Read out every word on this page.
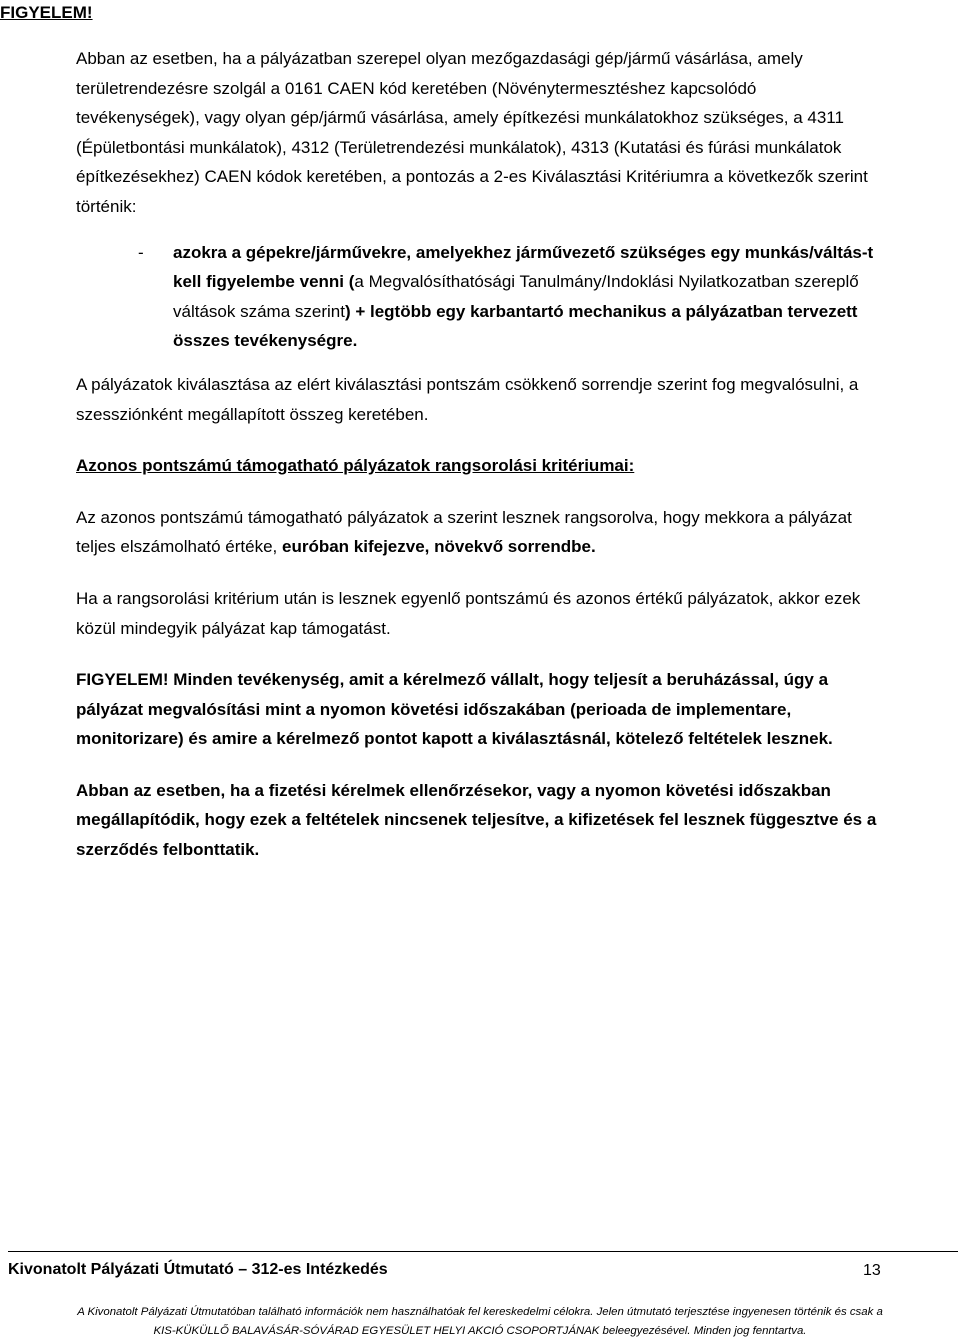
FIGYELEM!

Abban az esetben, ha a pályázatban szerepel olyan mezőgazdasági gép/jármű vásárlása, amely területrendezésre szolgál a 0161 CAEN kód keretében (Növénytermesztéshez kapcsolódó tevékenységek), vagy olyan gép/jármű vásárlása, amely építkezési munkálatokhoz szükséges, a 4311 (Épületbontási munkálatok), 4312 (Területrendezési munkálatok), 4313 (Kutatási és fúrási munkálatok építkezésekhez) CAEN kódok keretében, a pontozás a 2-es Kiválasztási Kritériumra a következők szerint történik:

-	azokra a gépekre/járművekre, amelyekhez járművezető szükséges egy munkás/váltás-t kell figyelembe venni (a Megvalósíthatósági Tanulmány/Indoklási Nyilatkozatban szereplő váltások száma szerint) + legtöbb egy karbantartó mechanikus a pályázatban tervezett összes tevékenységre.

A pályázatok kiválasztása az elért kiválasztási pontszám csökkenő sorrendje szerint fog megvalósulni, a szessziónként megállapított összeg keretében.

Azonos pontszámú támogatható pályázatok rangsorolási kritériumai:

Az azonos pontszámú támogatható pályázatok a szerint lesznek rangsorolva, hogy mekkora a pályázat teljes elszámolható értéke, euróban kifejezve, növekvő sorrendbe.

Ha a rangsorolási kritérium után is lesznek egyenlő pontszámú és azonos értékű pályázatok, akkor ezek közül mindegyik pályázat kap támogatást.

FIGYELEM! Minden tevékenység, amit a kérelmező vállalt, hogy teljesít a beruházással, úgy a pályázat megvalósítási mint a nyomon követési időszakában (perioada de implementare, monitorizare) és amire a kérelmező pontot kapott a kiválasztásnál, kötelező feltételek lesznek.

Abban az esetben, ha a fizetési kérelmek ellenőrzésekor, vagy a nyomon követési időszakban megállapítódik, hogy ezek a feltételek nincsenek teljesítve, a kifizetések fel lesznek függesztve és a szerződés felbonttatik.

Kivonatolt Pályázati Útmutató – 312-es Intézkedés	13
A Kivonatolt Pályázati Útmutatóban található információk nem használhatóak fel kereskedelmi célokra. Jelen útmutató terjesztése ingyenesen történik és csak a
KIS-KÜKÜLLŐ BALAVÁSÁR-SÓVÁRAD EGYESÜLET HELYI AKCIÓ CSOPORTJÁNAK beleegyezésével. Minden jog fenntartva.
